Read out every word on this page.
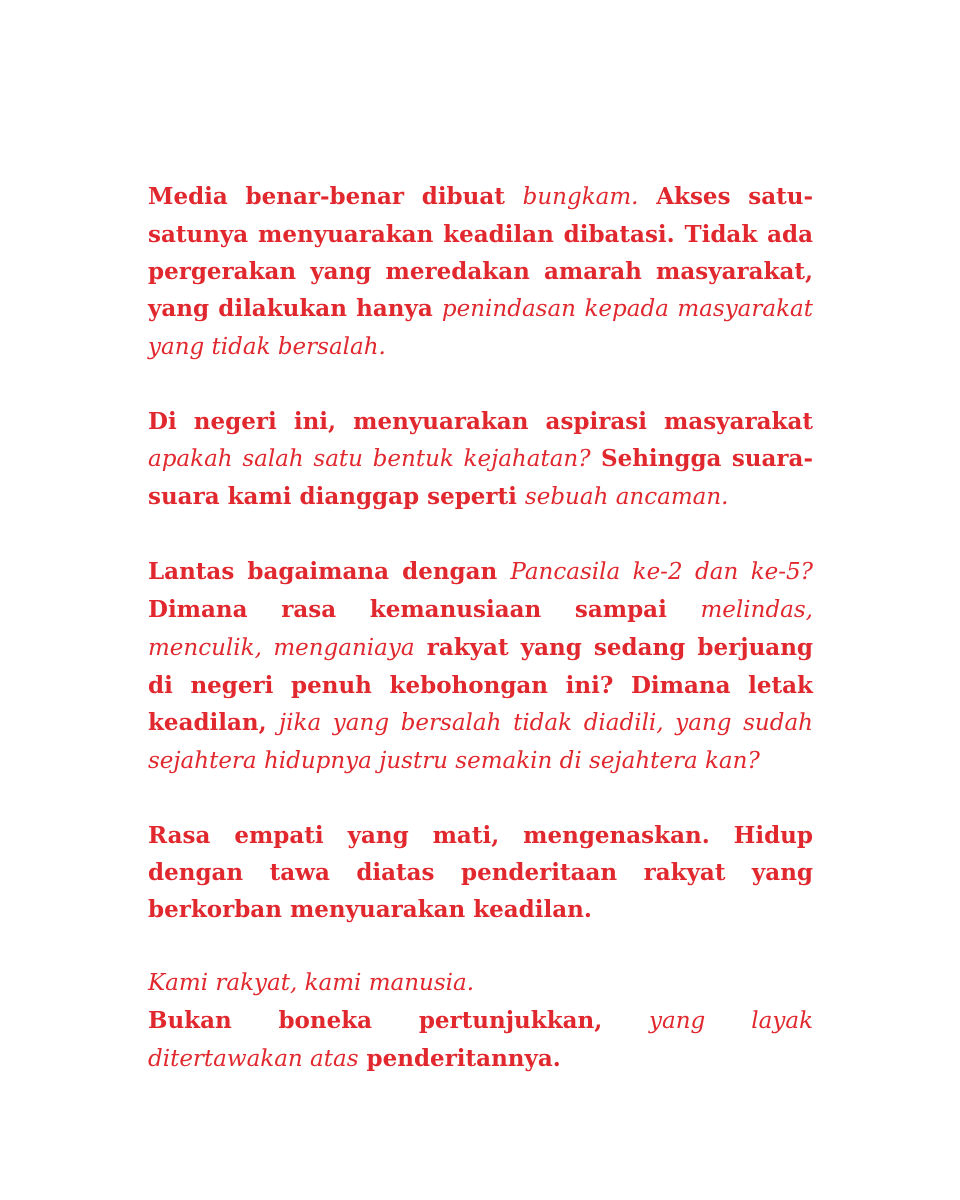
Media benar-benar dibuat bungkam. Akses satu-satunya menyuarakan keadilan dibatasi. Tidak ada pergerakan yang meredakan amarah masyarakat, yang dilakukan hanya penindasan kepada masyarakat yang tidak bersalah.

Di negeri ini, menyuarakan aspirasi masyarakat apakah salah satu bentuk kejahatan? Sehingga suara-suara kami dianggap seperti sebuah ancaman.

Lantas bagaimana dengan Pancasila ke-2 dan ke-5? Dimana rasa kemanusiaan sampai melindas, menculik, menganiaya rakyat yang sedang berjuang di negeri penuh kebohongan ini? Dimana letak keadilan, jika yang bersalah tidak diadili, yang sudah sejahtera hidupnya justru semakin di sejahtera kan?

Rasa empati yang mati, mengenaskan. Hidup dengan tawa diatas penderitaan rakyat yang berkorban menyuarakan keadilan.

Kami rakyat, kami manusia.
Bukan boneka pertunjukkan, yang layak ditertawakan atas penderitannya.
